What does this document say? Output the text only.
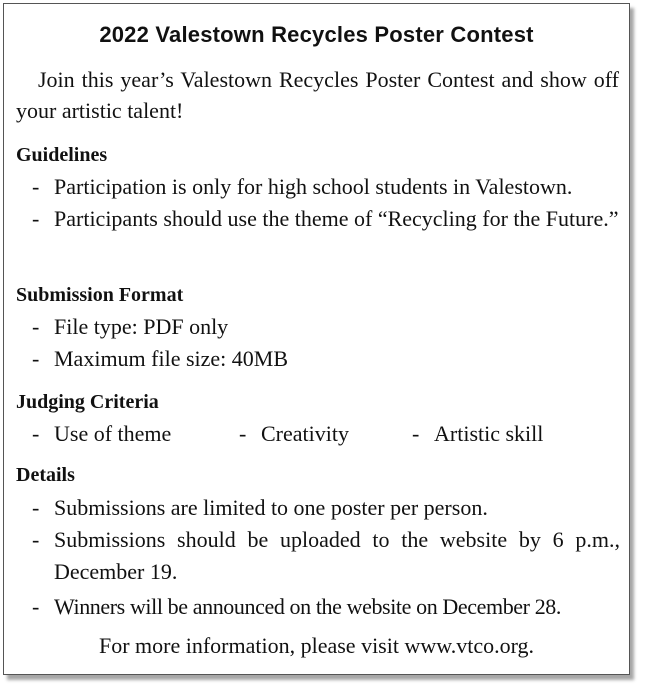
2022 Valestown Recycles Poster Contest

Join this year’s Valestown Recycles Poster Contest and show off your artistic talent!

Guidelines
- Participation is only for high school students in Valestown.
- Participants should use the theme of “Recycling for the Future.”
Submission Format
- File type: PDF only
- Maximum file size: 40MB
Judging Criteria
- Use of theme	- Creativity	- Artistic skill
Details
- Submissions are limited to one poster per person.
- Submissions should be uploaded to the website by 6 p.m., December 19.
- Winners will be announced on the website on December 28.

For more information, please visit www.vtco.org.
